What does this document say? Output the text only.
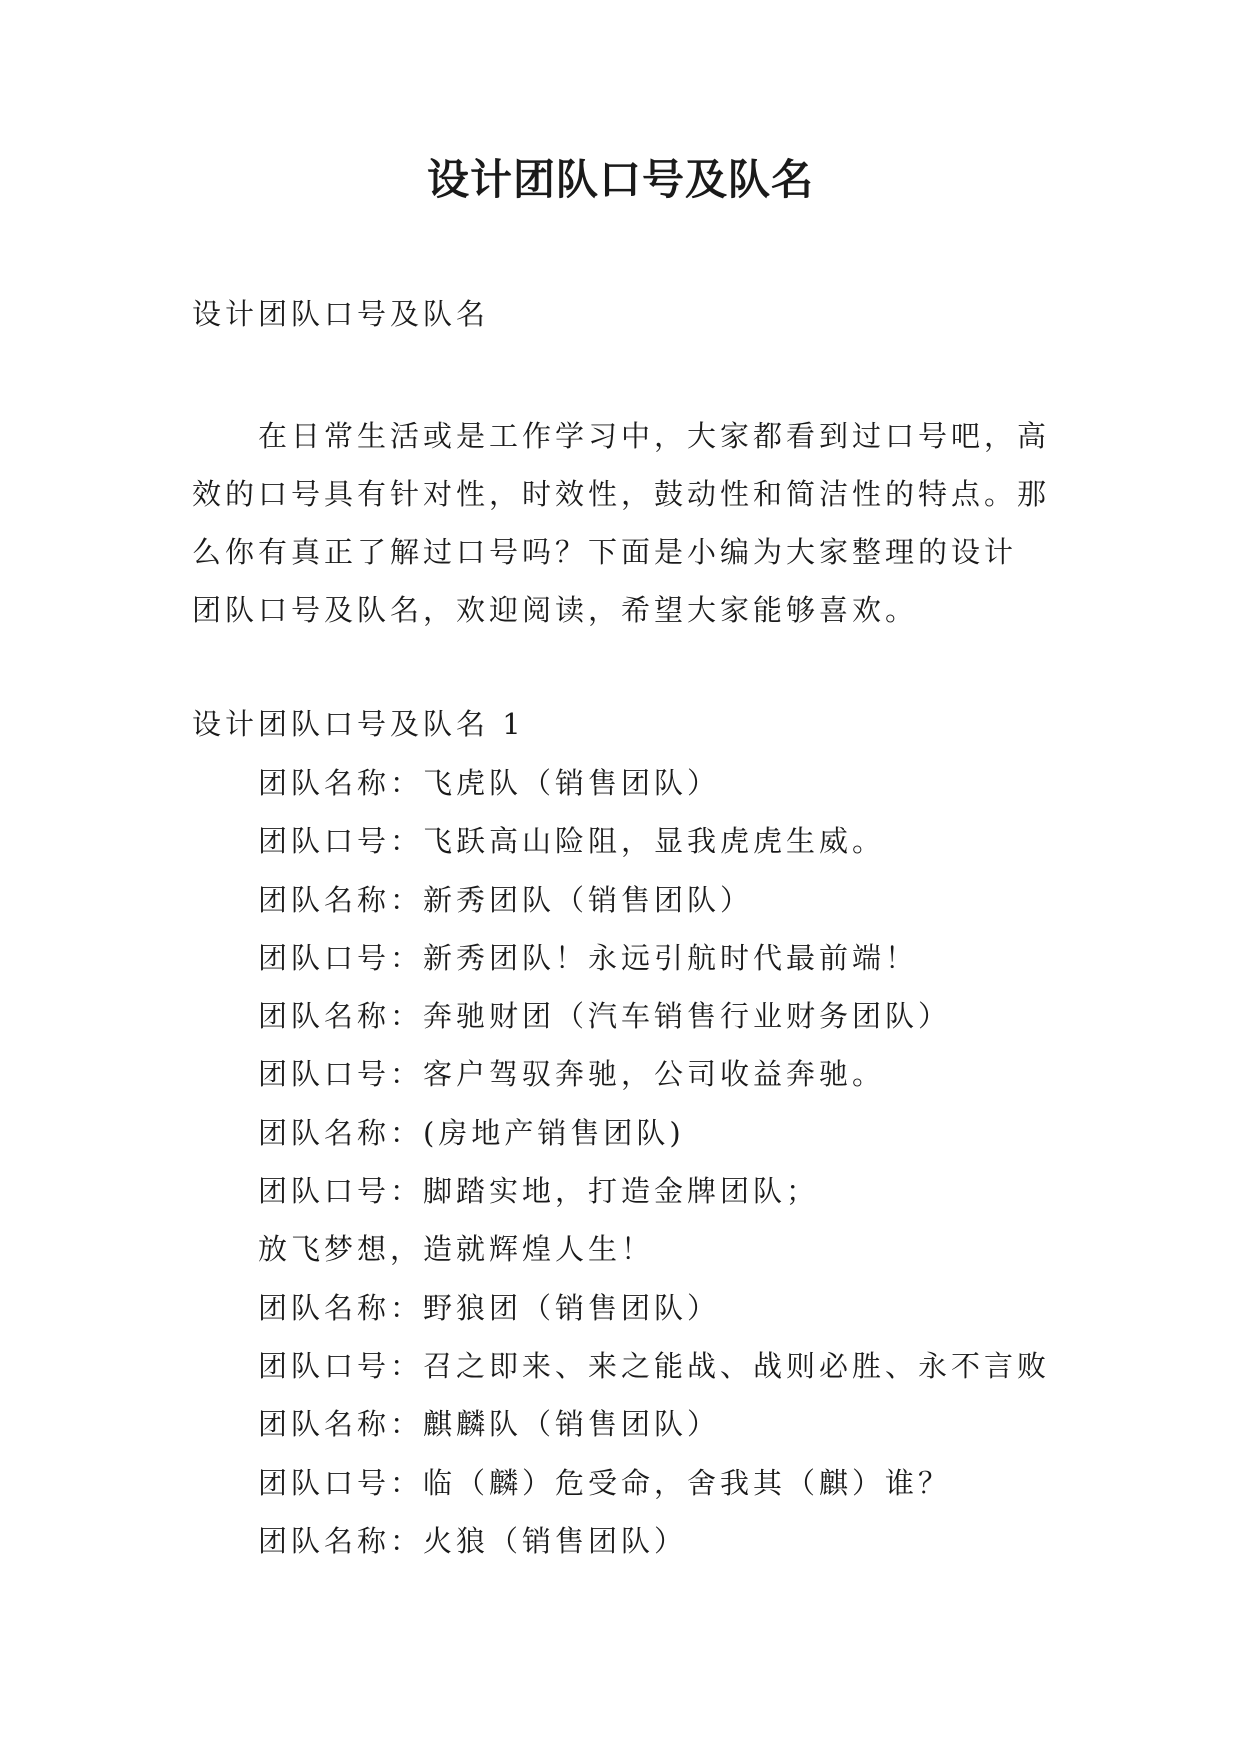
设计团队口号及队名

设计团队口号及队名

在日常生活或是工作学习中，大家都看到过口号吧，高
效的口号具有针对性，时效性，鼓动性和简洁性的特点。那
么你有真正了解过口号吗？下面是小编为大家整理的设计
团队口号及队名，欢迎阅读，希望大家能够喜欢。

设计团队口号及队名 1

团队名称：飞虎队（销售团队）
团队口号：飞跃高山险阻，显我虎虎生威。
团队名称：新秀团队（销售团队）
团队口号：新秀团队！永远引航时代最前端！
团队名称：奔驰财团（汽车销售行业财务团队）
团队口号：客户驾驭奔驰，公司收益奔驰。
团队名称：(房地产销售团队)
团队口号：脚踏实地，打造金牌团队；
放飞梦想，造就辉煌人生！
团队名称：野狼团（销售团队）
团队口号：召之即来、来之能战、战则必胜、永不言败
团队名称：麒麟队（销售团队）
团队口号：临（麟）危受命，舍我其（麒）谁？
团队名称：火狼（销售团队）
